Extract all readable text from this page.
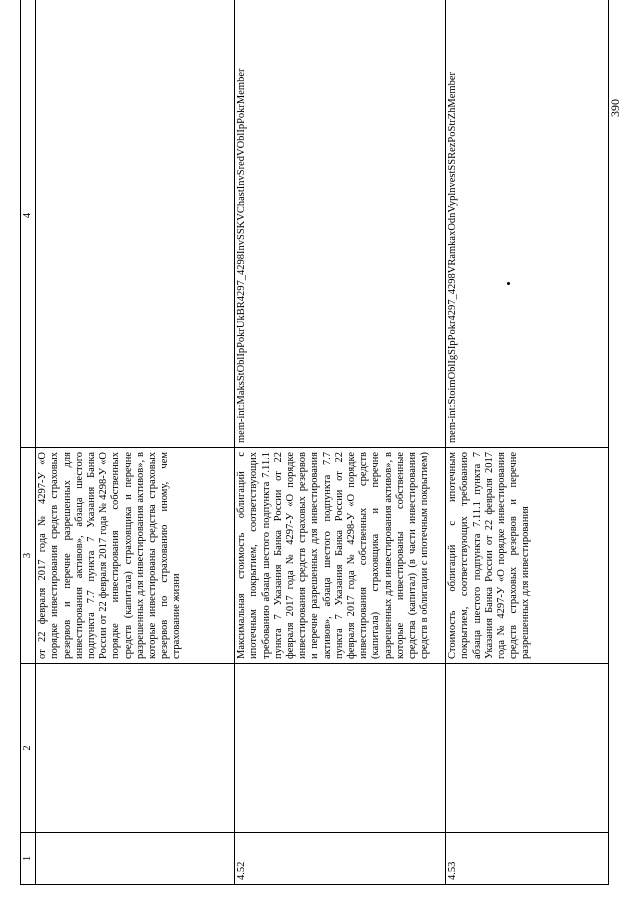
1	2	3	4
		от 22 февраля 2017 года № 4297-У «О порядке инвестирования средств страховых резервов и перечне разрешенных для инвестирования активов», абзаца шестого подпункта 7.7 пункта 7 Указания Банка России от 22 февраля 2017 года № 4298-У «О порядке инвестирования собственных средств (капитала) страховщика и перечне разрешенных для инвестирования активов», в которые инвестированы средства страховых резервов по страхованию иному, чем страхование жизни	
4.52		Максимальная стоимость облигаций с ипотечным покрытием, соответствующих требованию абзаца шестого подпункта 7.11.1 пункта 7 Указания Банка России от 22 февраля 2017 года № 4297-У «О порядке инвестирования средств страховых резервов и перечне разрешенных для инвестирования активов», абзаца шестого подпункта 7.7 пункта 7 Указания Банка России от 22 февраля 2017 года № 4298-У «О порядке инвестирования собственных средств (капитала) страховщика и перечне разрешенных для инвестирования активов», в которые инвестированы собственные средства (капитал) (в части инвестирования средств в облигации с ипотечным покрытием)	mem-int:MaksStOblIpPokrUkBR4297_4298InvSSKVChastInvSredVOblIpPokrMember
4.53		Стоимость облигаций с ипотечным покрытием, соответствующих требованию абзаца шестого подпункта 7.11.1 пункта 7 Указания Банка России от 22 февраля 2017 года № 4297-У «О порядке инвестирования средств страховых резервов и перечне разрешенных для инвестирования	mem-int:StoimOblIgSIpPokr4297_4298VRamkaxOdnVyplnvestSSRezPoStrZhMember	390
